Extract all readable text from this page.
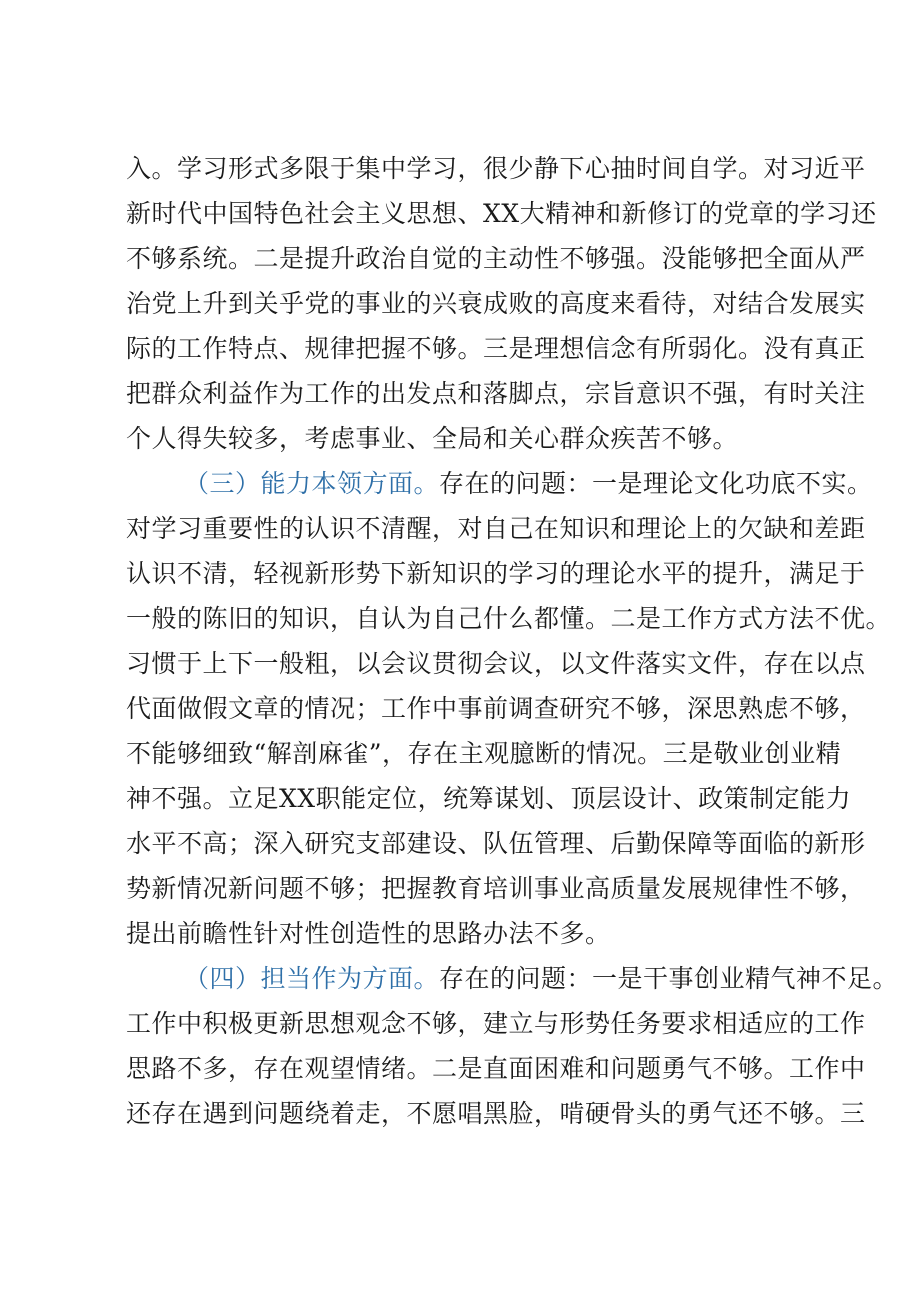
入。学习形式多限于集中学习，很少静下心抽时间自学。对习近平
新时代中国特色社会主义思想、XX大精神和新修订的党章的学习还
不够系统。二是提升政治自觉的主动性不够强。没能够把全面从严
治党上升到关乎党的事业的兴衰成败的高度来看待，对结合发展实
际的工作特点、规律把握不够。三是理想信念有所弱化。没有真正
把群众利益作为工作的出发点和落脚点，宗旨意识不强，有时关注
个人得失较多，考虑事业、全局和关心群众疾苦不够。
（三）能力本领方面。存在的问题：一是理论文化功底不实。
对学习重要性的认识不清醒，对自己在知识和理论上的欠缺和差距
认识不清，轻视新形势下新知识的学习的理论水平的提升，满足于
一般的陈旧的知识，自认为自己什么都懂。二是工作方式方法不优。
习惯于上下一般粗，以会议贯彻会议，以文件落实文件，存在以点
代面做假文章的情况；工作中事前调查研究不够，深思熟虑不够，
不能够细致“解剖麻雀”，存在主观臆断的情况。三是敬业创业精
神不强。立足XX职能定位，统筹谋划、顶层设计、政策制定能力
水平不高；深入研究支部建设、队伍管理、后勤保障等面临的新形
势新情况新问题不够；把握教育培训事业高质量发展规律性不够，
提出前瞻性针对性创造性的思路办法不多。
（四）担当作为方面。存在的问题：一是干事创业精气神不足。
工作中积极更新思想观念不够，建立与形势任务要求相适应的工作
思路不多，存在观望情绪。二是直面困难和问题勇气不够。工作中
还存在遇到问题绕着走，不愿唱黑脸，啃硬骨头的勇气还不够。三
